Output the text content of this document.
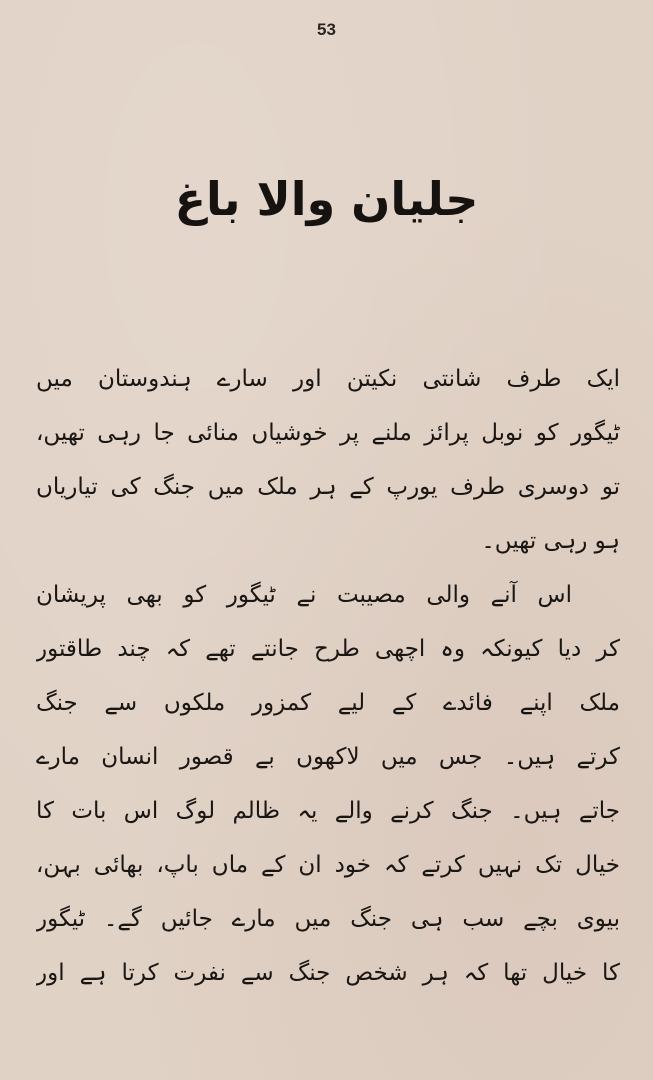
53
جلیان والا باغ
ایک طرف شانتی نکیتن اور سارے ہندوستان میں
ٹیگور کو نوبل پرائز ملنے پر خوشیاں منائی جا رہی تھیں،
تو دوسری طرف یورپ کے ہر ملک میں جنگ کی تیاریاں
ہو رہی تھیں۔
اس آنے والی مصیبت نے ٹیگور کو بھی پریشان
کر دیا کیونکہ وہ اچھی طرح جانتے تھے کہ چند طاقتور
ملک اپنے فائدے کے لیے کمزور ملکوں سے جنگ
کرتے ہیں۔ جس میں لاکھوں بے قصور انسان مارے
جاتے ہیں۔ جنگ کرنے والے یہ ظالم لوگ اس بات کا
خیال تک نہیں کرتے کہ خود ان کے ماں باپ، بھائی بہن،
بیوی بچے سب ہی جنگ میں مارے جائیں گے۔ ٹیگور
کا خیال تھا کہ ہر شخص جنگ سے نفرت کرتا ہے اور
